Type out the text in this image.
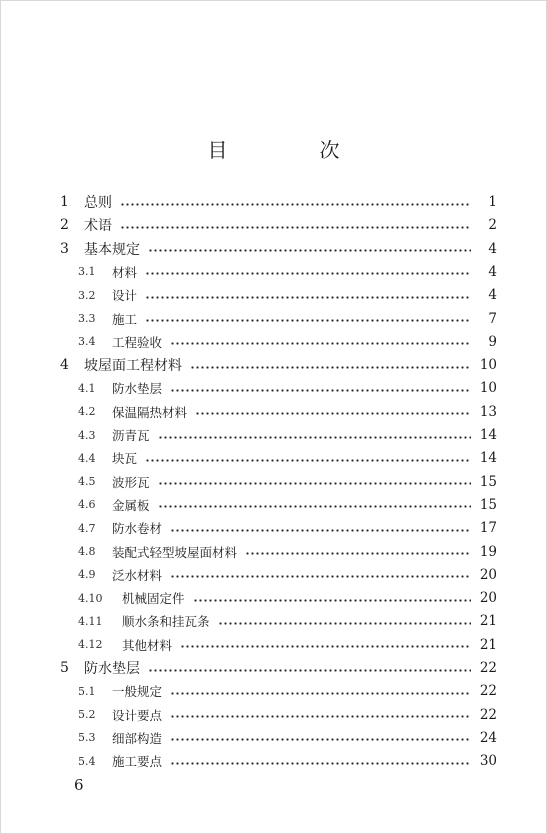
目　次
1	总则	1
2	术语	2
3	基本规定	4
3.1	材料	4
3.2	设计	4
3.3	施工	7
3.4	工程验收	9
4	坡屋面工程材料	10
4.1	防水垫层	10
4.2	保温隔热材料	13
4.3	沥青瓦	14
4.4	块瓦	14
4.5	波形瓦	15
4.6	金属板	15
4.7	防水卷材	17
4.8	装配式轻型坡屋面材料	19
4.9	泛水材料	20
4.10	机械固定件	20
4.11	顺水条和挂瓦条	21
4.12	其他材料	21
5	防水垫层	22
5.1	一般规定	22
5.2	设计要点	22
5.3	细部构造	24
5.4	施工要点	30
6
